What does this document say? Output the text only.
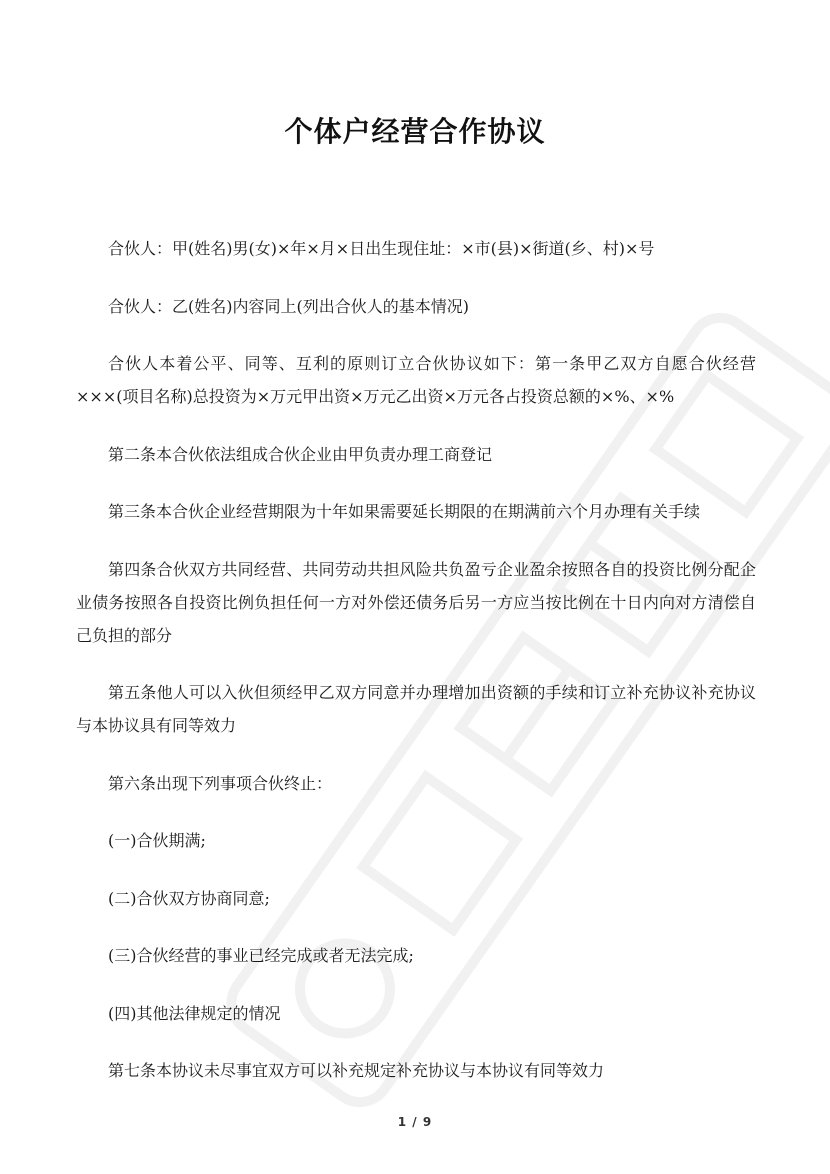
个体户经营合作协议

合伙人：甲(姓名)男(女)×年×月×日出生现住址：×市(县)×街道(乡、村)×号

合伙人：乙(姓名)内容同上(列出合伙人的基本情况)

合伙人本着公平、同等、互利的原则订立合伙协议如下：第一条甲乙双方自愿合伙经营×××(项目名称)总投资为×万元甲出资×万元乙出资×万元各占投资总额的×%、×%

第二条本合伙依法组成合伙企业由甲负责办理工商登记

第三条本合伙企业经营期限为十年如果需要延长期限的在期满前六个月办理有关手续

第四条合伙双方共同经营、共同劳动共担风险共负盈亏企业盈余按照各自的投资比例分配企业债务按照各自投资比例负担任何一方对外偿还债务后另一方应当按比例在十日内向对方清偿自己负担的部分

第五条他人可以入伙但须经甲乙双方同意并办理增加出资额的手续和订立补充协议补充协议与本协议具有同等效力

第六条出现下列事项合伙终止：

(一)合伙期满;

(二)合伙双方协商同意;

(三)合伙经营的事业已经完成或者无法完成;

(四)其他法律规定的情况

第七条本协议未尽事宜双方可以补充规定补充协议与本协议有同等效力

1 / 9
